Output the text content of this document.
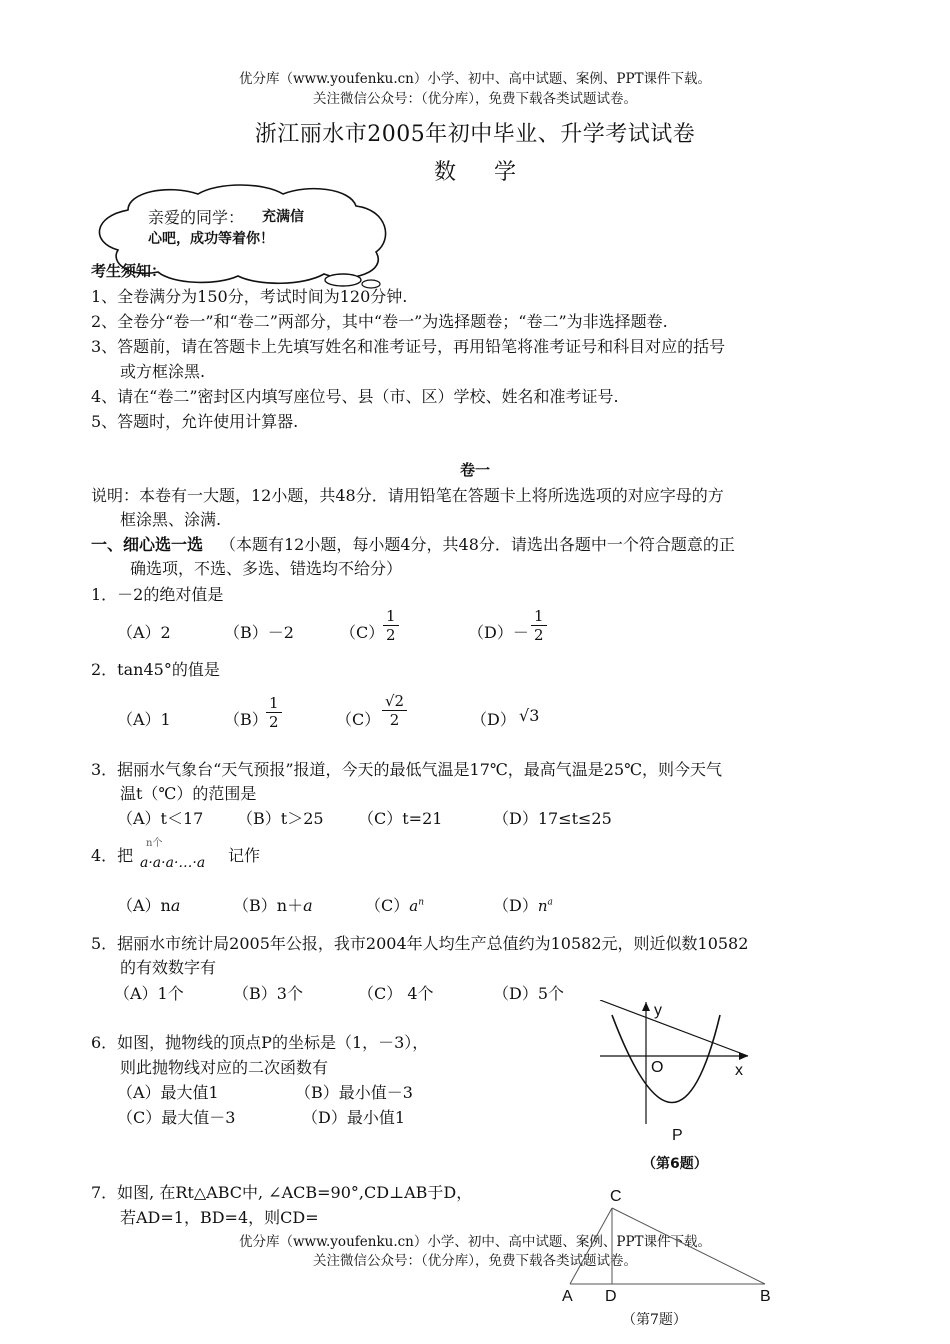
优分库（www.youfenku.cn）小学、初中、高中试题、案例、PPT课件下载。
关注微信公众号：（优分库），免费下载各类试题试卷。
浙江丽水市2005年初中毕业、升学考试试卷
数学
亲爱的同学： 充满信
心吧，成功等着你！
考生须知：
1、全卷满分为150分，考试时间为120分钟.
2、全卷分“卷一”和“卷二”两部分，其中“卷一”为选择题卷；“卷二”为非选择题卷.
3、答题前，请在答题卡上先填写姓名和准考证号，再用铅笔将准考证号和科目对应的括号
或方框涂黑.
4、请在“卷二”密封区内填写座位号、县（市、区）学校、姓名和准考证号.
5、答题时，允许使用计算器.
卷一
说明：本卷有一大题，12小题，共48分．请用铅笔在答题卡上将所选选项的对应字母的方
框涂黑、涂满.
一、细心选一选 （本题有12小题，每小题4分，共48分．请选出各题中一个符合题意的正
确选项，不选、多选、错选均不给分）
1．－2的绝对值是
（A）2	（B）－2	（C）
$\frac{1}{2}$	$(D)- \frac{1}{2}$
2．tan45°的值是
（A）1	（B）
$\frac{1}{2}$	$(C) \frac{√2}{2}$	（D） √3
3．据丽水气象台“天气预报”报道，今天的最低气温是17℃，最高气温是25℃，则今天气
温t（℃）的范围是
（A）t＜17 （B）t＞25 （C）t=21	（D）17≤t≤25
4．把
n个
a·a·a·…·a 记作
（A）na	（B）n＋a	$(C)a^n$	$(D)n^a$
5．据丽水市统计局2005年公报，我市2004年人均生产总值约为10582元，则近似数10582
的有效数字有
（A）1个	（B）3个	（C） 4个	（D）5个
6．如图，抛物线的顶点P的坐标是（1，－3），
则此抛物线对应的二次函数有
（A）最大值1	（B）最小值－3
（C）最大值－3	（D）最小值1
y
x
O
P
（第6题）
7．如图, 在Rt△ABC中, ∠ACB=90°,CD⊥AB于D，
若AD=1，BD=4，则CD=
优分库（www.youfenku.cn）小学、初中、高中试题、案例、PPT课件下载。
关注微信公众号：（优分库），免费下载各类试题试卷。
C
A D	B
（第7题）
